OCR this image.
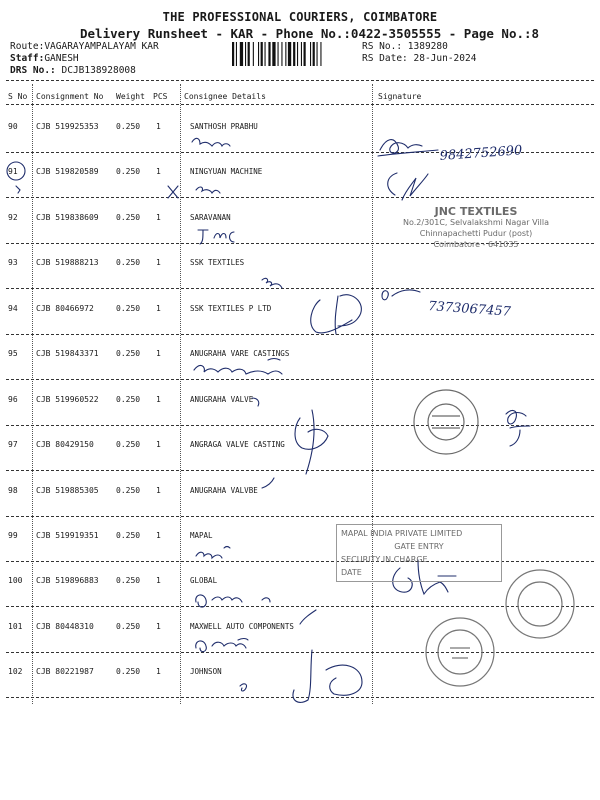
THE PROFESSIONAL COURIERS, COIMBATORE
Delivery Runsheet - KAR - Phone No.:0422-3505555 - Page No.:8
Route:VAGARAYAMPALAYAM KAR
Staff:GANESH
DRS No.: DCJB138928008
RS No.: 1389280
RS Date: 28-Jun-2024
S No Consignment No Weight PCS Consignee Details	Signature
90 CJB 519925353 0.250 1	SANTHOSH PRABHU
91 CJB 519820589 0.250 1	NINGYUAN MACHINE
92 CJB 519838609 0.250 1	SARAVANAN
93 CJB 519888213 0.250 1	SSK TEXTILES
94 CJB 80466972	0.250 1	SSK TEXTILES P LTD
95 CJB 519843371 0.250 1	ANUGRAHA VARE CASTINGS
96 CJB 519960522 0.250 1	ANUGRAHA VALVE
97 CJB 80429150	0.250 1	ANGRAGA VALVE CASTING
98 CJB 519885305 0.250 1	ANUGRAHA VALVBE
99 CJB 519919351 0.250 1	MAPAL
100 CJB 519896883 0.250 1	GLOBAL
101 CJB 80448310	0.250 1	MAXWELL AUTO COMPONENTS
102 CJB 80221987	0.250 1	JOHNSON
9842752690
7373067457
JNC TEXTILES
No.2/301C, Selvalakshmi Nagar Villa
Chinnapachetti Pudur (post)
Coimbatore - 641035
MAPAL INDIA PRIVATE LIMITED
GATE ENTRY
SECURITY IN CHARGE
DATE
